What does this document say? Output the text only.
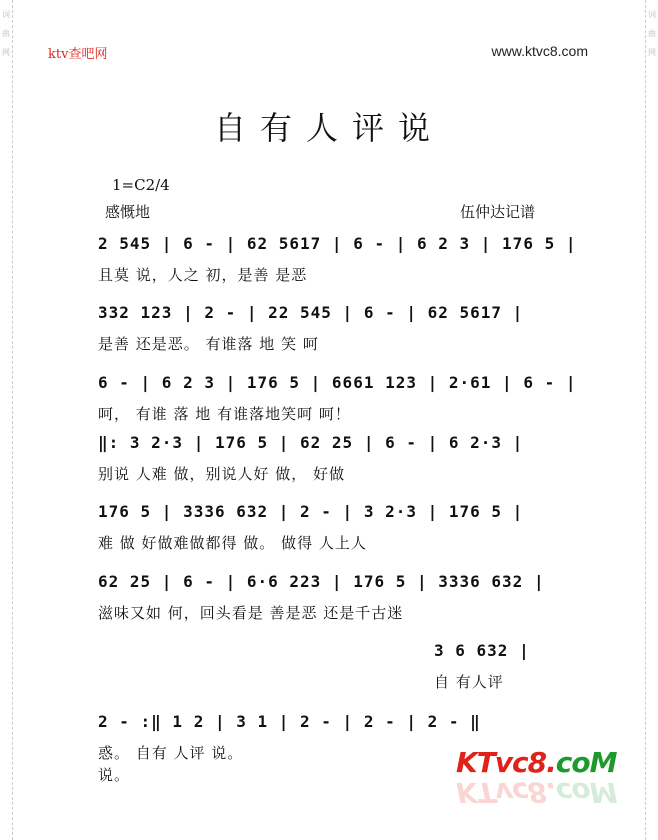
词
曲
网
词
曲
网
ktv查吧网	www.ktvc8.com
自有人评说
1=C2/4
感慨地	伍仲达记谱
2 545 | 6 - | 62 5617 | 6 - | 6 2 3 | 176 5 |
且莫 说，人之 初，是善 是恶
332 123 | 2 - | 22 545 | 6 - | 62 5617 |
是善 还是恶。 有谁落 地 笑 呵
6 - | 6 2 3 | 176 5 | 6661 123 | 2·61 | 6 - |
呵， 有谁 落 地 有谁落地笑呵 呵！
‖: 3 2·3 | 176 5 | 62 25 | 6 - | 6 2·3 |
别说 人难 做，别说人好 做， 好做
176 5 | 3336 632 | 2 - | 3 2·3 | 176 5 |
难 做 好做难做都得 做。 做得 人上人
62 25 | 6 - | 6·6 223 | 176 5 | 3336 632 |
滋味又如 何，回头看是 善是恶 还是千古迷
3 6 632 |
自 有人评
2 - :‖ 1 2 | 3 1 | 2 - | 2 - | 2 - ‖
惑。 自有 人评 说。
说。	KTvc8.coM
KTvc8.coM
